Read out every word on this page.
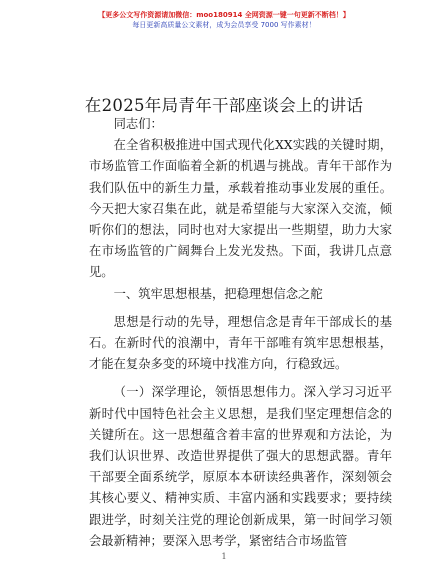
【更多公文写作资源请加微信：moo180914 全网资源一键一句更新不断档！】
每日更新高质量公文素材，成为会员享受 7000 写作素材！
在2025年局青年干部座谈会上的讲话

同志们：

在全省积极推进中国式现代化XX实践的关键时期，市场监管工作面临着全新的机遇与挑战。青年干部作为我们队伍中的新生力量，承载着推动事业发展的重任。今天把大家召集在此，就是希望能与大家深入交流，倾听你们的想法，同时也对大家提出一些期望，助力大家在市场监管的广阔舞台上发光发热。下面，我讲几点意见。

一、筑牢思想根基，把稳理想信念之舵

思想是行动的先导，理想信念是青年干部成长的基石。在新时代的浪潮中，青年干部唯有筑牢思想根基，才能在复杂多变的环境中找准方向，行稳致远。

（一）深学理论，领悟思想伟力。深入学习习近平新时代中国特色社会主义思想，是我们坚定理想信念的关键所在。这一思想蕴含着丰富的世界观和方法论，为我们认识世界、改造世界提供了强大的思想武器。青年干部要全面系统学，原原本本研读经典著作，深刻领会其核心要义、精神实质、丰富内涵和实践要求；要持续跟进学，时刻关注党的理论创新成果，第一时间学习领会最新精神；要深入思考学，紧密结合市场监管

1
